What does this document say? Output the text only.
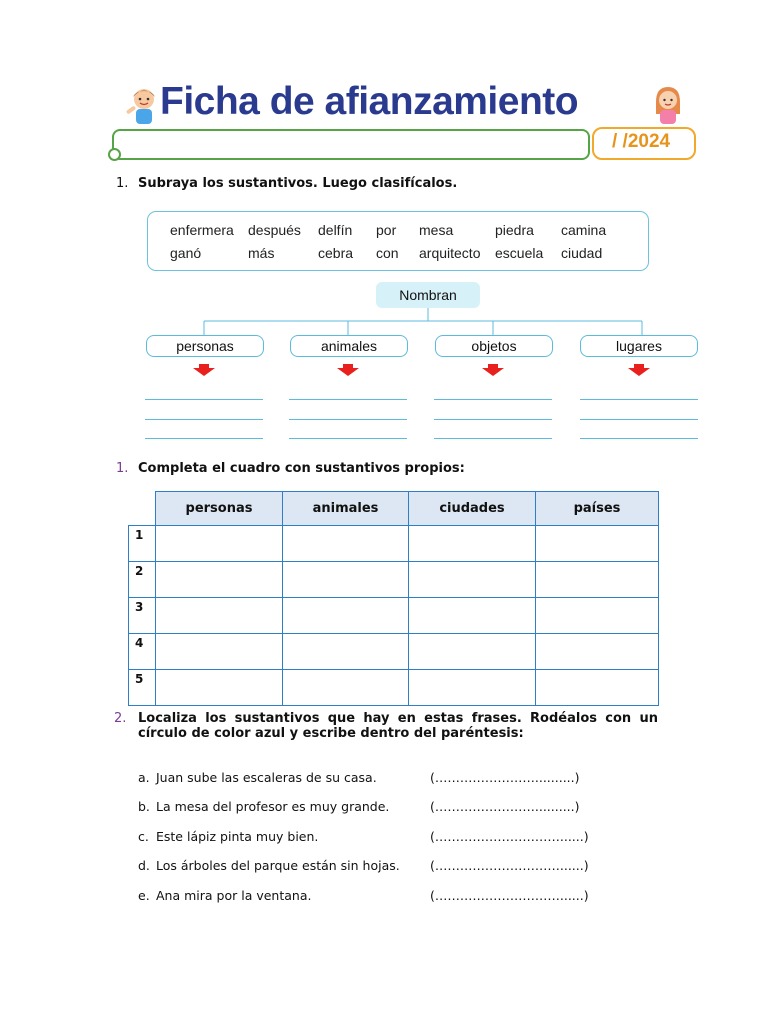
Ficha de afianzamiento
/ /2024
1. Subraya los sustantivos. Luego clasifícalos.
enfermera después delfín por mesa	piedra camina
ganó	más	cebra con arquitecto escuela ciudad
Nombran
personas	animales	objetos	lugares
1. Completa el cuadro con sustantivos propios:
	personas	animales	ciudades	países
1				
2				
3				
4				
5				
2. Localiza los sustantivos que hay en estas frases. Rodéalos con un
círculo de color azul y escribe dentro del paréntesis:
a. Juan sube las escaleras de su casa.	(……………………..........)
b. La mesa del profesor es muy grande.	(……………………..........)
c. Este lápiz pinta muy bien.	(…………………………......)
d. Los árboles del parque están sin hojas. (…………………………......)
e. Ana mira por la ventana.	(…………………………......)
